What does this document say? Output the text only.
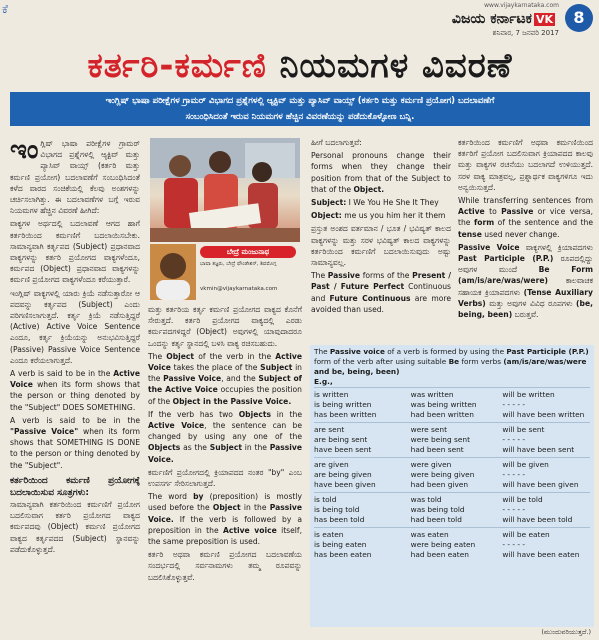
ಕೆ	www.vijaykarnataka.com
ವಿಜಯ ಕರ್ನಾಟಕ VK	8
ಶನಿವಾರ, 7 ಜನವರಿ 2017
ಕರ್ತರಿ-ಕರ್ಮಣಿ ನಿಯಮಗಳ ವಿವರಣೆ
ಇಂಗ್ಲಿಷ್ ಭಾಷಾ ಪರೀಕ್ಷೆಗಳ ಗ್ರಾಮರ್ ವಿಭಾಗದ ಪ್ರಶ್ನೆಗಳಲ್ಲಿ ಆ್ಯಕ್ಟಿವ್ ಮತ್ತು ಪ್ಯಾಸಿವ್ ವಾಯ್ಸ್ (ಕರ್ತರಿ ಮತ್ತು ಕರ್ಮಣಿ ಪ್ರಯೋಗ) ಬದಲಾವಣೆಗೆ
ಸಂಬಂಧಿಸಿದಂತೆ ಇರುವ ನಿಯಮಗಳ ಹೆಚ್ಚಿನ ವಿವರಣೆಯನ್ನು ಪಡೆದುಕೊಳ್ಳೋಣ ಬನ್ನಿ.

ಇಂಗ್ಲಿಷ್ ಭಾಷಾ ಪರೀಕ್ಷೆಗಳ ಗ್ರಾಮರ್ ವಿಭಾಗದ ಪ್ರಶ್ನೆಗಳಲ್ಲಿ ಆ್ಯಕ್ಟಿವ್ ಮತ್ತು ಪ್ಯಾಸಿವ್ ವಾಯ್ಸ್ (ಕರ್ತರಿ ಮತ್ತು ಕರ್ಮಣಿ ಪ್ರಯೋಗ) ಬದಲಾವಣೆಗೆ ಸಂಬಂಧಿಸಿದಂತೆ ಕಳೆದ ವಾರದ ಸಂಚಿಕೆಯಲ್ಲಿ ಕೆಲವು ಅಂಶಗಳನ್ನು ಚರ್ಚಿಸಲಾಗಿತ್ತು. ಈ ಬದಲಾವಣೆಗಳ ಬಗ್ಗೆ ಇರುವ ನಿಯಮಗಳ ಹೆಚ್ಚಿನ ವಿವರಣೆ ಹೀಗಿದೆ:

ವಾಕ್ಯಗಳ ಅರ್ಥದಲ್ಲಿ ಬದಲಾವಣೆ ಆಗದ ಹಾಗೆ ಕರ್ತರಿಯಿಂದ ಕರ್ಮಣಿಗೆ ಬದಲಾಯಿಸಬೇಕು. ಸಾಮಾನ್ಯವಾಗಿ ಕರ್ತೃಪದ (Subject) ಪ್ರಧಾನವಾದ ವಾಕ್ಯಗಳನ್ನು ಕರ್ತರಿ ಪ್ರಯೋಗದ ವಾಕ್ಯಗಳೆಂದೂ, ಕರ್ಮಪದ (Object) ಪ್ರಧಾನವಾದ ವಾಕ್ಯಗಳನ್ನು ಕರ್ಮಣಿ ಪ್ರಯೋಗದ ವಾಕ್ಯಗಳೆಂದೂ ಕರೆಯುತ್ತಾರೆ.

ಇಂಗ್ಲಿಷ್ ವಾಕ್ಯಗಳಲ್ಲಿ ಯಾರು ಕ್ರಿಯೆ ನಡೆಸುತ್ತಾರೋ ಆ ಪದವನ್ನು ಕರ್ತೃಪದ (Subject) ಎಂದು ಪರಿಗಣಿಸಲಾಗುತ್ತದೆ. ಕರ್ತೃ ಕ್ರಿಯೆ ನಡೆಸುತ್ತಿದ್ದರೆ (Active) Active Voice Sentence ಎಂದೂ, ಕರ್ತೃ ಕ್ರಿಯೆಯನ್ನು ಅನುಭವಿಸುತ್ತಿದ್ದರೆ (Passive) Passive Voice Sentence ಎಂದೂ ಕರೆಯಲಾಗುತ್ತದೆ.

A verb is said to be in the Active Voice when its form shows that the person or thing denoted by the "Subject" DOES SOMETHING.

A verb is said to be in the "Passive Voice" when its form shows that SOMETHING IS DONE to the person or thing denoted by the "Subject".

ಕರ್ತರಿಯಿಂದ ಕರ್ಮಣಿ ಪ್ರಯೋಗಕ್ಕೆ ಬದಲಾಯಿಸುವ ಸೂತ್ರಗಳು:

ಸಾಮಾನ್ಯವಾಗಿ ಕರ್ತರಿಯಿಂದ ಕರ್ಮಣಿಗೆ ಪ್ರಯೋಗ ಬದಲಿಸುವಾಗ ಕರ್ತರಿ ಪ್ರಯೋಗದ ವಾಕ್ಯದ ಕರ್ಮಪದವು (Object) ಕರ್ಮಣಿ ಪ್ರಯೋಗದ ವಾಕ್ಯದ ಕರ್ತೃಪದದ (Subject) ಸ್ಥಾನವನ್ನು ಪಡೆದುಕೊಳ್ಳುತ್ತದೆ.

ಬೇದ್ರೆ ಮಂಜುನಾಥ
ಭಾಷಾ ತಜ್ಞರು, ಬೇದ್ರೆ ಫೌಂಡೇಶನ್, ಶಿವಮೊಗ್ಗ
vkmin@vijaykarnataka.com

ಮತ್ತು ಕರ್ತರಿಯ ಕರ್ತೃ ಕರ್ಮಣಿ ಪ್ರಯೋಗದ ವಾಕ್ಯದ ಕೊನೆಗೆ ಸೇರುತ್ತದೆ. ಕರ್ತರಿ ಪ್ರಯೋಗದ ವಾಕ್ಯದಲ್ಲಿ ಎರಡು ಕರ್ಮಪದಗಳಿದ್ದರೆ (Object) ಅವುಗಳಲ್ಲಿ ಯಾವುದಾದರೂ ಒಂದನ್ನು ಕರ್ತೃ ಸ್ಥಾನದಲ್ಲಿ ಬಳಸಿ ವಾಕ್ಯ ರಚಿಸಬಹುದು.

The Object of the verb in the Active Voice takes the place of the Subject in the Passive Voice, and the Subject of the Active Voice occupies the position of the Object in the Passive Voice.

If the verb has two Objects in the Active Voice, the sentence can be changed by using any one of the Objects as the Subject in the Passive Voice.

ಕರ್ಮಣಿಗೆ ಪ್ರಯೋಗದಲ್ಲಿ ಕ್ರಿಯಾಪದದ ನಂತರ "by" ಎಂಬ ಉಪಸರ್ಗ ಸೇರಿಸಲಾಗುತ್ತದೆ.

The word by (preposition) is mostly used before the Object in the Passive Voice. If the verb is followed by a preposition in the Active voice itself, the same preposition is used.

ಕರ್ತರಿ ಅಥವಾ ಕರ್ಮಣಿ ಪ್ರಯೋಗದ ಬದಲಾವಣೆಯ ಸಂದರ್ಭದಲ್ಲಿ ಸರ್ವನಾಮಗಳು ತಮ್ಮ ರೂಪವನ್ನು ಬದಲಿಸಿಕೊಳ್ಳುತ್ತವೆ.

ಹೀಗೆ ಬದಲಾಗುತ್ತವೆ:

Personal pronouns change their forms when they change their position from that of the Subject to that of the Object.

Subject: I We You He She It They

Object: me us you him her it them

ಪ್ರಸ್ತುತ ಅಂಶದ ವರ್ತಮಾನ / ಭೂತ / ಭವಿಷ್ಯತ್ ಕಾಲದ ವಾಕ್ಯಗಳನ್ನು ಮತ್ತು ಸರಳ ಭವಿಷ್ಯತ್ ಕಾಲದ ವಾಕ್ಯಗಳನ್ನು ಕರ್ತರಿಯಿಂದ ಕರ್ಮಣಿಗೆ ಬದಲಾಯಿಸುವುದು ಅಷ್ಟು ಸಾಮಾನ್ಯವಲ್ಲ.

The Passive forms of the Present / Past / Future Perfect Continuous and Future Continuous are more avoided than used.

ಕರ್ತರಿಯಿಂದ ಕರ್ಮಣಿಗೆ ಅಥವಾ ಕರ್ಮಣಿಯಿಂದ ಕರ್ತರಿಗೆ ಪ್ರಯೋಗ ಬದಲಿಸುವಾಗ ಕ್ರಿಯಾಪದದ ಕಾಲವು ಮತ್ತು ವಾಕ್ಯಗಳ ರಚನೆಯು ಬದಲಾಗದೆ ಉಳಿಯುತ್ತದೆ. ಸರಳ ವಾಕ್ಯ ಮಾತ್ರವಲ್ಲ, ಪ್ರಶ್ನಾರ್ಥಕ ವಾಕ್ಯಗಳಿಗೂ ಇದು ಅನ್ವಯಿಸುತ್ತದೆ.

While transferring sentences from Active to Passive or vice versa, the form of the sentence and the tense used never change.

Passive Voice ವಾಕ್ಯಗಳಲ್ಲಿ ಕ್ರಿಯಾಪದಗಳು Past Participle (P.P.) ರೂಪದಲ್ಲಿದ್ದು ಅವುಗಳ ಮುಂದೆ Be Form (am/is/are/was/were) ಕಾಲವಾಚಕ ಸಹಾಯಕ ಕ್ರಿಯಾಪದಗಳು (Tense Auxiliary Verbs) ಮತ್ತು ಅವುಗಳ ವಿವಿಧ ರೂಪಗಳು (be, being, been) ಬರುತ್ತವೆ.

The Passive voice of a verb is formed by using the Past Participle (P.P.) form of the verb after using suitable Be form verbs (am/is/are/was/were and be, being, been)
E.g.,
is written	was written	will be written
is being written	was being written	- - - - -
has been written	had been written	will have been written
are sent	were sent	will be sent
are being sent	were being sent	- - - - -
have been sent	had been sent	will have been sent
are given	were given	will be given
are being given	were being given	- - - - -
have been given	had been given	will have been given
is told	was told	will be told
is being told	was being told	- - - - -
has been told	had been told	will have been told
is eaten	was eaten	will be eaten
is being eaten	were being eaten	- - - - -
has been eaten	had been eaten	will have been eaten
(ಮುಂದುವರಿಯುತ್ತದೆ.)
